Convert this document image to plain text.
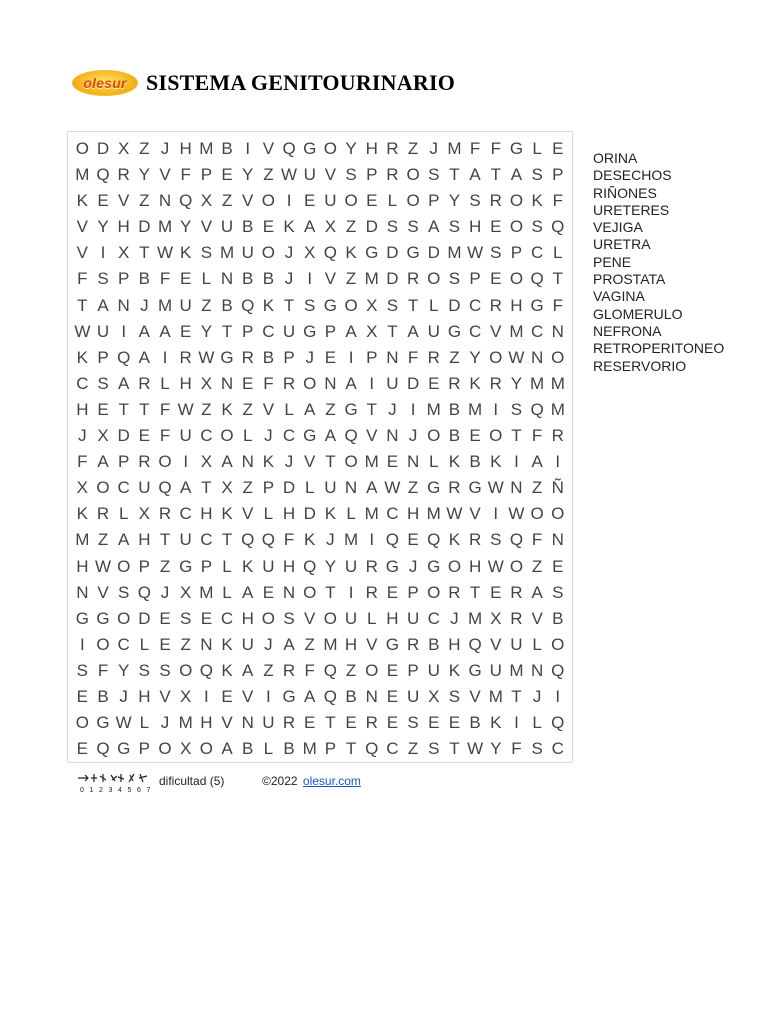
olesur SISTEMA GENITOURINARIO
O D X Z J H M B I V Q G O Y H R Z J M F F G L E
M Q R Y V F P E Y Z W U V S P R O S T A T A S P
K E V Z N Q X Z V O I E U O E L O P Y S R O K F
V Y H D M Y V U B E K A X Z D S S A S H E O S Q
V I X T W K S M U O J X Q K G D G D M W S P C L
F S P B F E L N B B J I V Z M D R O S P E O Q T
T A N J M U Z B Q K T S G O X S T L D C R H G F
W U I A A E Y T P C U G P A X T A U G C V M C N
K P Q A I R W G R B P J E I P N F R Z Y O W N O
C S A R L H X N E F R O N A I U D E R K R Y M M
H E T T F W Z K Z V L A Z G T J I M B M I S Q M
J X D E F U C O L J C G A Q V N J O B E O T F R
F A P R O I X A N K J V T O M E N L K B K I A I
X O C U Q A T X Z P D L U N A W Z G R G W N Z Ñ
K R L X R C H K V L H D K L M C H M W V I W O O
M Z A H T U C T Q Q F K J M I Q E Q K R S Q F N
H W O P Z G P L K U H Q Y U R G J G O H W O Z E
N V S Q J X M L A E N O T I R E P O R T E R A S
G G O D E S E C H O S V O U L H U C J M X R V B
I O C L E Z N K U J A Z M H V G R B H Q V U L O
S F Y S S O Q K A Z R F Q Z O E P U K G U M N Q
E B J H V X I E V I G A Q B N E U X S V M T J I
O G W L J M H V N U R E T E R E S E E B K I L Q
E Q G P O X O A B L B M P T Q C Z S T W Y F S C
ORINA
DESECHOS
RIÑONES
URETERES
VEJIGA
URETRA
PENE
PROSTATA
VAGINA
GLOMERULO
NEFRONA
RETROPERITONEO
RESERVORIO
0 1 2 3 4 5 6 7
dificultad (5)	©2022 olesur.com
